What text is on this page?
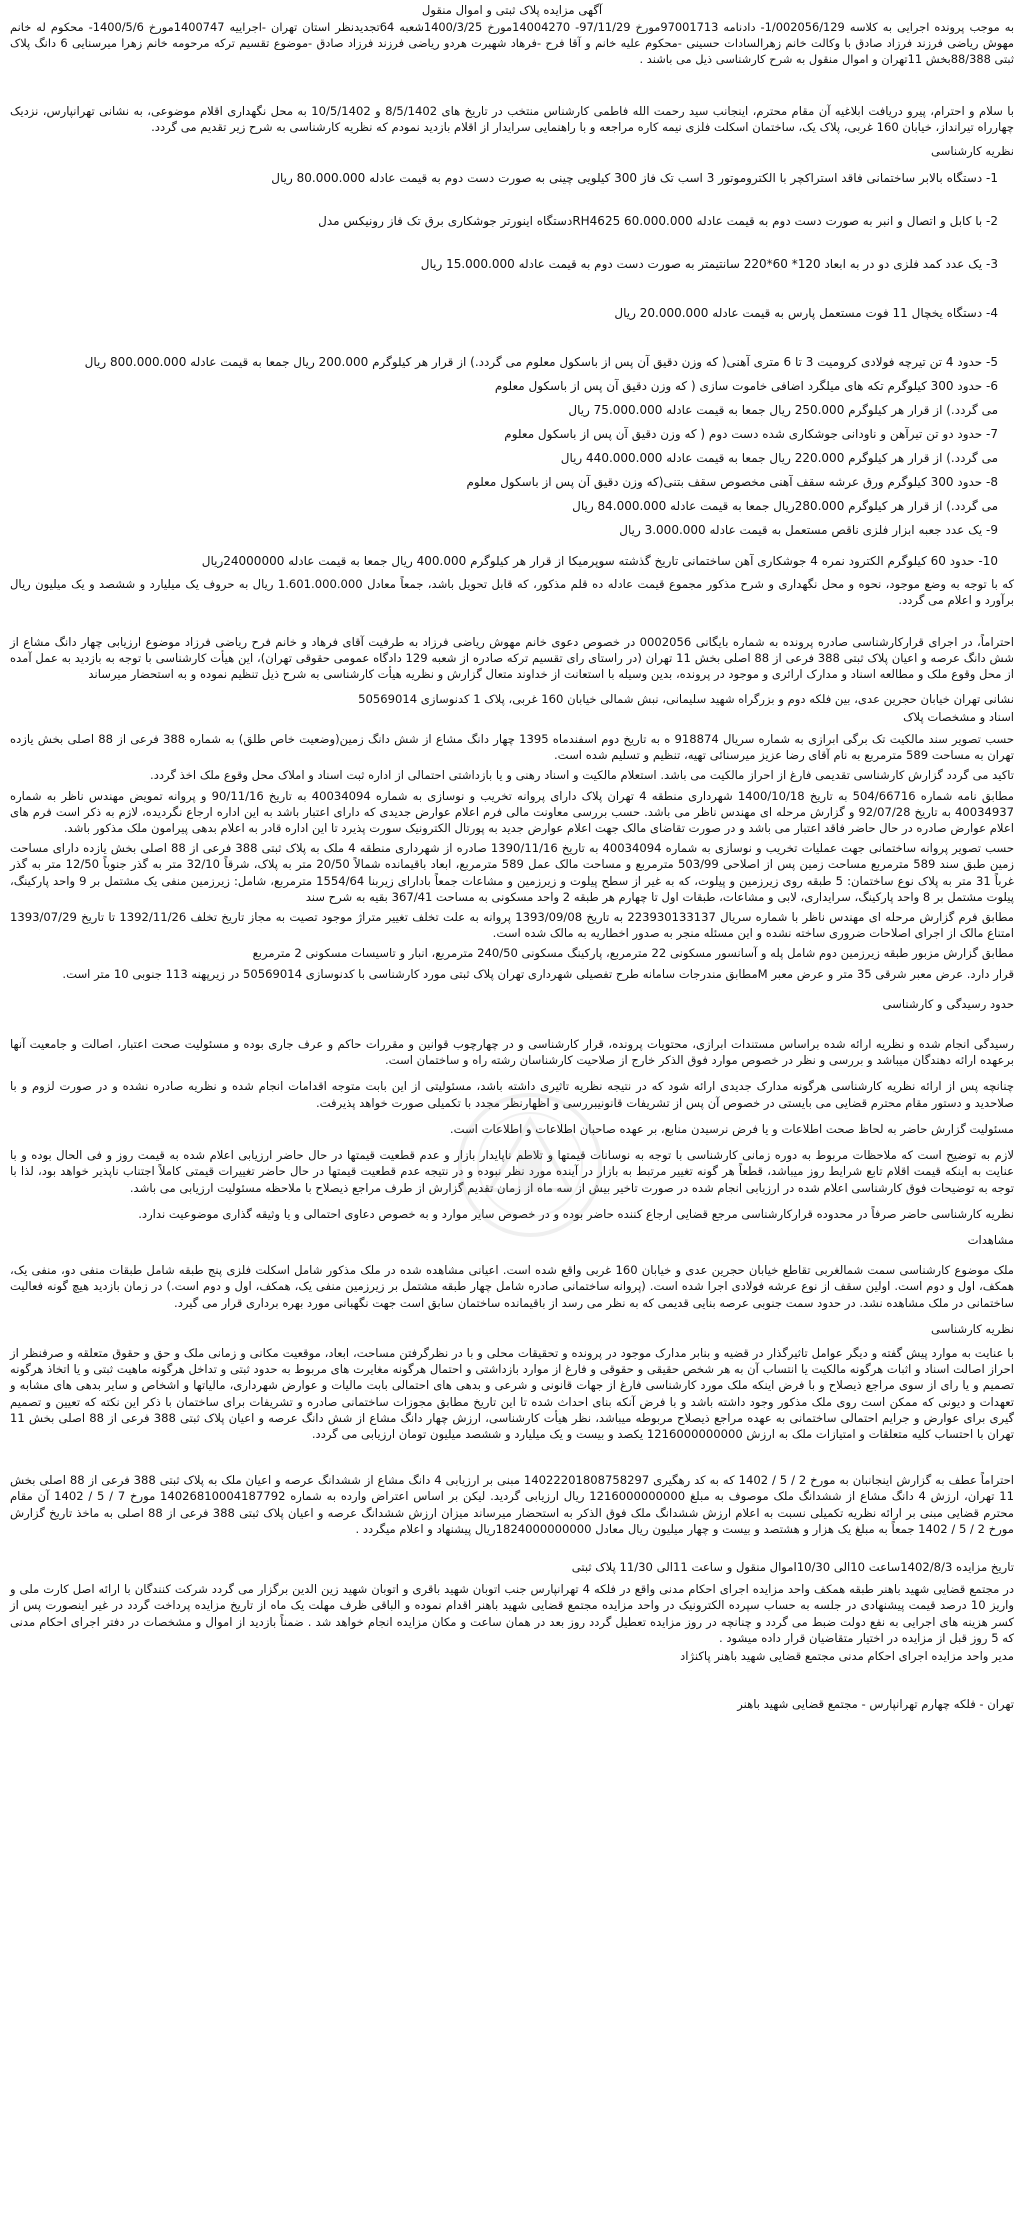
آگهی مزایده پلاک ثبتی و اموال منقول

به موجب پرونده اجرایی به کلاسه 1/002056/129- دادنامه 97001713مورخ 97/11/29- 14004270مورخ 1400/3/25شعبه 64تجدیدنظر استان تهران -اجراییه 1400747مورخ 1400/5/6- محکوم له خانم مهوش ریاضی فرزند فرزاد صادق با وکالت خانم زهرالسادات حسینی -محکوم علیه خانم و آقا فرح -فرهاد شهیرت هردو ریاضی فرزند فرزاد صادق -موضوع تقسیم ترکه مرحومه خانم زهرا میرسنایی 6 دانگ پلاک ثبتی 88/388بخش 11تهران و اموال منقول به شرح کارشناسی ذیل می باشند .

با سلام و احترام، پیرو دریافت ابلاغیه آن مقام محترم، اینجانب سید رحمت الله فاطمی کارشناس منتخب در تاریخ های 8/5/1402 و 10/5/1402 به محل نگهداری اقلام موضوعی، به نشانی تهرانپارس، نزدیک چهارراه تیرانداز، خیابان 160 غربی، پلاک یک، ساختمان اسکلت فلزی نیمه کاره مراجعه و با راهنمایی سرایدار از اقلام بازدید نمودم که نظریه کارشناسی به شرح زیر تقدیم می گردد.

نظریه کارشناسی

1- دستگاه بالابر ساختمانی فاقد استراکچر با الکتروموتور 3 اسب تک فاز 300 کیلویی چینی به صورت دست دوم به قیمت عادله 80.000.000 ریال

2- با کابل و اتصال و انبر به صورت دست دوم به قیمت عادله 60.000.000 RH4625دستگاه اینورتر جوشکاری برق تک فاز رونیکس مدل

3- یک عدد کمد فلزی دو در به ابعاد 120* 60*220 سانتیمتر به صورت دست دوم به قیمت عادله 15.000.000 ریال

4- دستگاه یخچال 11 فوت مستعمل پارس به قیمت عادله 20.000.000 ریال

5- حدود 4 تن تیرچه فولادی کرومیت 3 تا 6 متری آهنی( که وزن دقیق آن پس از باسکول معلوم می گردد.) از قرار هر کیلوگرم 200.000 ریال جمعا به قیمت عادله 800.000.000 ریال

6- حدود 300 کیلوگرم تکه های میلگرد اضافی خاموت سازی ( که وزن دقیق آن پس از باسکول معلوم

می گردد.) از قرار هر کیلوگرم 250.000 ریال جمعا به قیمت عادله 75.000.000 ریال

7- حدود دو تن تیرآهن و ناودانی جوشکاری شده دست دوم ( که وزن دقیق آن پس از باسکول معلوم

می گردد.) از قرار هر کیلوگرم 220.000 ریال جمعا به قیمت عادله 440.000.000 ریال

8- حدود 300 کیلوگرم ورق عرشه سقف آهنی مخصوص سقف بتنی(که وزن دقیق آن پس از باسکول معلوم

می گردد.) از قرار هر کیلوگرم 280.000ریال جمعا به قیمت عادله 84.000.000 ریال

9- یک عدد جعبه ابزار فلزی ناقص مستعمل به قیمت عادله 3.000.000 ریال

10- حدود 60 کیلوگرم الکترود نمره 4 جوشکاری آهن ساختمانی تاریخ گذشته سوپرمیکا از قرار هر کیلوگرم 400.000 ریال جمعا به قیمت عادله 24000000ریال

که با توجه به وضع موجود، نحوه و محل نگهداری و شرح مذکور مجموع قیمت عادله ده قلم مذکور، که قابل تحویل باشد، جمعاً معادل 1.601.000.000 ریال به حروف یک میلیارد و ششصد و یک میلیون ریال برآورد و اعلام می گردد.

احتراماً، در اجرای قرارکارشناسی صادره پرونده به شماره بایگانی 0002056 در خصوص دعوی خانم مهوش ریاضی فرزاد به طرفیت آقای فرهاد و خانم فرح ریاضی فرزاد موضوع ارزیابی چهار دانگ مشاع از شش دانگ عرصه و اعیان پلاک ثبتی 388 فرعی از 88 اصلی بخش 11 تهران (در راستای رای تقسیم ترکه صادره از شعبه 129 دادگاه عمومی حقوقی تهران)، این هیأت کارشناسی با توجه به بازدید به عمل آمده از محل وقوع ملک و مطالعه اسناد و مدارک ارائری و موجود در پرونده، بدین وسیله با استعانت از خداوند متعال گزارش و نظریه هیأت کارشناسی به شرح ذیل تنظیم نموده و به استحضار میرساند

نشانی تهران خیابان حجرین عدی، بین فلکه دوم و بزرگراه شهید سلیمانی، نبش شمالی خیابان 160 غربی، پلاک 1 کدنوسازی 50569014

اسناد و مشخصات پلاک

حسب تصویر سند مالکیت تک برگی ابرازی به شماره سریال 918874 ه به تاریخ دوم اسفندماه 1395 چهار دانگ مشاع از شش دانگ زمین(وضعیت خاص طلق) به شماره 388 فرعی از 88 اصلی بخش یازده تهران به مساحت 589 مترمربع به نام آقای رضا عزیز میرسنائی تهیه، تنظیم و تسلیم شده است.

تاکید می گردد گزارش کارشناسی تقدیمی فارغ از احراز مالکیت می باشد. استعلام مالکیت و اسناد رهنی و یا بازداشتی احتمالی از اداره ثبت اسناد و املاک محل وقوع ملک اخذ گردد.

مطابق نامه شماره 504/66716 به تاریخ 1400/10/18 شهرداری منطقه 4 تهران پلاک دارای پروانه تخریب و نوسازی به شماره 40034094 به تاریخ 90/11/16 و پروانه تمویض مهندس ناظر به شماره 40034937 به تاریخ 92/07/28 و گزارش مرحله ای مهندس ناظر می باشد. حسب بررسی معاونت مالی فرم اعلام عوارض جدیدی که دارای اعتبار باشد به این اداره ارجاع نگردیده، لازم به ذکر است فرم های اعلام عوارض صادره در حال حاضر فاقد اعتبار می باشد و در صورت تقاضای مالک جهت اعلام عوارض جدید به پورتال الکترونیک سورت پذیرد تا این اداره قادر به اعلام بدهی پیرامون ملک مذکور باشد.

حسب تصویر پروانه ساختمانی جهت عملیات تخریب و نوسازی به شماره 40034094 به تاریخ 1390/11/16 صادره از شهرداری منطقه 4 ملک به پلاک ثبتی 388 فرعی از 88 اصلی بخش یازده دارای مساحت زمین طبق سند 589 مترمربع مساحت زمین پس از اصلاحی 503/99 مترمربع و مساحت مالک عمل 589 مترمربع، ابعاد باقیمانده شمالاً 20/50 متر به پلاک، شرقاً 32/10 متر به گذر جنوباً 12/50 متر به گذر غرباً 31 متر به پلاک نوع ساختمان: 5 طبقه روی زیرزمین و پیلوت، که به غیر از سطح پیلوت و زیرزمین و مشاعات جمعاً بادارای زیربنا 1554/64 مترمربع، شامل: زیرزمین منفی یک مشتمل بر 9 واحد پارکینگ، پیلوت مشتمل بر 8 واحد پارکینگ، سرایداری، لابی و مشاعات، طبقات اول تا چهارم هر طبقه 2 واحد مسکونی به مساحت 367/41 بقیه به شرح سند

مطابق فرم گزارش مرحله ای مهندس ناظر با شماره سریال 223930133137 به تاریخ 1393/09/08 پروانه به علت تخلف تغییر متراژ موجود تصیت به مجاز تاریخ تخلف 1392/11/26 تا تاریخ 1393/07/29 امتناع مالک از اجرای اصلاحات ضروری ساخته نشده و این مسئله منجر به صدور اخطاریه به مالک شده است.

مطابق گزارش مزبور طبقه زیرزمین دوم شامل پله و آسانسور مسکونی 22 مترمربع، پارکینگ مسکونی 240/50 مترمربع، انبار و تاسیسات مسکونی 2 مترمربع

قرار دارد. عرض معبر شرقی 35 متر و عرض معبر Mمطابق مندرجات سامانه طرح تفصیلی شهرداری تهران پلاک ثبتی مورد کارشناسی با کدنوسازی 50569014 در زیرپهنه 113 جنوبی 10 متر است.

حدود رسیدگی و کارشناسی

رسیدگی انجام شده و نظریه ارائه شده براساس مستندات ابرازی، محتویات پرونده، قرار کارشناسی و در چهارچوب قوانین و مقررات حاکم و عرف جاری بوده و مسئولیت صحت اعتبار، اصالت و جامعیت آنها برعهده ارائه دهندگان میباشد و بررسی و نظر در خصوص موارد فوق الذکر خارج از صلاحیت کارشناسان رشته راه و ساختمان است.

چنانچه پس از ارائه نظریه کارشناسی هرگونه مدارک جدیدی ارائه شود که در نتیجه نظریه تاثیری داشته باشد، مسئولیتی از این بابت متوجه اقدامات انجام شده و نظریه صادره نشده و در صورت لزوم و با صلاحدید و دستور مقام محترم قضایی می بایستی در خصوص آن پس از تشریفات قانونیبررسی و اظهارنظر مجدد با تکمیلی صورت خواهد پذیرفت.

مسئولیت گزارش حاضر به لحاظ صحت اطلاعات و یا فرض نرسیدن منابع، بر عهده صاحبان اطلاعات و اطلاعات است.

لازم به توضیح است که ملاحظات مربوط به دوره زمانی کارشناسی با توجه به نوسانات قیمتها و تلاطم ناپایدار بازار و عدم قطعیت قیمتها در حال حاضر ارزیابی اعلام شده به قیمت روز و فی الحال بوده و با عنایت به اینکه قیمت اقلام تابع شرایط روز میباشد، قطعاً هر گونه تغییر مرتبط به بازار در آینده مورد نظر نبوده و در نتیجه عدم قطعیت قیمتها در حال حاضر تغییرات قیمتی کاملاً اجتناب ناپذیر خواهد بود، لذا با توجه به توضیحات فوق کارشناسی اعلام شده در ارزیابی انجام شده در صورت تاخیر بیش از سه ماه از زمان تقدیم گزارش از طرف مراجع ذیصلاح با ملاحظه مسئولیت ارزیابی می باشد.

نظریه کارشناسی حاضر صرفاً در محدوده قرارکارشناسی مرجع قضایی ارجاع کننده حاضر بوده و در خصوص سایر موارد و به خصوص دعاوی احتمالی و یا وثیقه گذاری موضوعیت ندارد.

مشاهدات

ملک موضوع کارشناسی سمت شمالغربی تقاطع خیابان حجرین عدی و خیابان 160 غربی واقع شده است. اعیانی مشاهده شده در ملک مذکور شامل اسکلت فلزی پنج طبقه شامل طبقات منفی دو، منفی یک، همکف، اول و دوم است. اولین سقف از نوع عرشه فولادی اجرا شده است. (پروانه ساختمانی صادره شامل چهار طبقه مشتمل بر زیرزمین منفی یک، همکف، اول و دوم است.) در زمان بازدید هیچ گونه فعالیت ساختمانی در ملک مشاهده نشد. در حدود سمت جنوبی عرصه بنایی قدیمی که به نظر می رسد از باقیمانده ساختمان سابق است جهت نگهبانی مورد بهره برداری قرار می گیرد.

نظریه کارشناسی

با عنایت به موارد پیش گفته و دیگر عوامل تاثیرگذار در قضیه و بنابر مدارک موجود در پرونده و تحقیقات محلی و با در نظرگرفتن مساحت، ابعاد، موقعیت مکانی و زمانی ملک و حق و حقوق متعلقه و صرفنظر از احراز اصالت اسناد و اثبات هرگونه مالکیت یا انتساب آن به هر شخص حقیقی و حقوقی و فارغ از موارد بازداشتی و احتمال هرگونه مغایرت های مربوط به حدود ثبتی و تداخل هرگونه ماهیت ثبتی و یا اتخاذ هرگونه تصمیم و یا رای از سوی مراجع ذیصلاح و با فرض اینکه ملک مورد کارشناسی فارغ از جهات قانونی و شرعی و بدهی های احتمالی بابت مالیات و عوارض شهرداری، مالیاتها و اشخاص و سایر بدهی های مشابه و تعهدات و دیونی که ممکن است روی ملک مذکور وجود داشته باشد و با فرض آنکه بنای احداث شده تا این تاریخ مطابق مجوزات ساختمانی صادره و تشریفات برای ساختمان با ذکر این نکته که تعیین و تصمیم گیری برای عوارض و جرایم احتمالی ساختمانی به عهده مراجع ذیصلاح مربوطه میباشد، نظر هیأت کارشناسی، ارزش چهار دانگ مشاع از شش دانگ عرصه و اعیان پلاک ثبتی 388 فرعی از 88 اصلی بخش 11 تهران با احتساب کلیه متعلقات و امتیازات ملک به ارزش 1216000000000 یکصد و بیست و یک میلیارد و ششصد میلیون تومان ارزیابی می گردد.

احتراماً عطف به گزارش اینجانبان به مورخ 2 / 5 / 1402 که به کد رهگیری 14022201808758297 مبنی بر ارزیابی 4 دانگ مشاع از ششدانگ عرصه و اعیان ملک به پلاک ثبتی 388 فرعی از 88 اصلی بخش 11 تهران، ارزش 4 دانگ مشاع از ششدانگ ملک موصوف به مبلغ 1216000000000 ریال ارزیابی گردید. لیکن بر اساس اعتراض وارده به شماره 14026810004187792 مورخ 7 / 5 / 1402 آن مقام محترم قضایی مبنی بر ارائه نظریه تکمیلی نسبت به اعلام ارزش ششدانگ ملک فوق الذکر به استحضار میرساند میزان ارزش ششدانگ عرصه و اعیان پلاک ثبتی 388 فرعی از 88 اصلی به ماخذ تاریخ گزارش مورخ 2 / 5 / 1402 جمعاً به مبلغ یک هزار و هشتصد و بیست و چهار میلیون ریال معادل 1824000000000ریال پیشنهاد و اعلام میگردد .

تاریخ مزایده 1402/8/3ساعت 10الی 10/30اموال منقول و ساعت 11الی 11/30 پلاک ثبتی

در مجتمع قضایی شهید باهنر طبقه همکف واحد مزایده اجرای احکام مدنی واقع در فلکه 4 تهرانپارس جنب اتوبان شهید باقری و اتوبان شهید زین الدین برگزار می گردد شرکت کنندگان با ارائه اصل کارت ملی و واریز 10 درصد قیمت پیشنهادی در جلسه به حساب سپرده الکترونیک در واحد مزایده مجتمع قضایی شهید باهنر اقدام نموده و الباقی ظرف مهلت یک ماه از تاریخ مزایده پرداخت گردد در غیر اینصورت پس از کسر هزینه های اجرایی به نفع دولت ضبط می گردد و چنانچه در روز مزایده تعطیل گردد روز بعد در همان ساعت و مکان مزایده انجام خواهد شد . ضمناً بازدید از اموال و مشخصات در دفتر اجرای احکام مدنی که 5 روز قبل از مزایده در اختیار متقاضیان قرار داده میشود .

مدیر واحد مزایده اجرای احکام مدنی مجتمع قضایی شهید باهنر پاکنژاد

تهران - فلکه چهارم تهرانپارس - مجتمع قضایی شهید باهنر
